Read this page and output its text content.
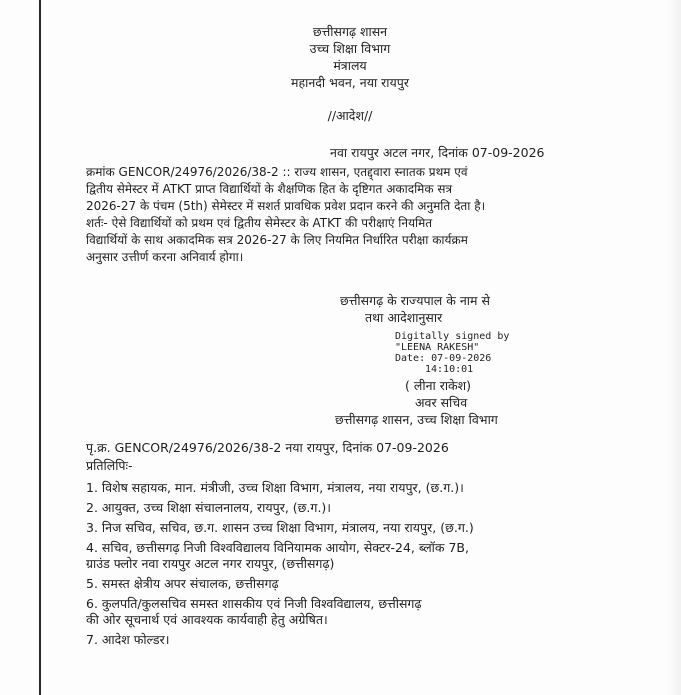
छत्तीसगढ़ शासन
उच्च शिक्षा विभाग
मंत्रालय
महानदी भवन, नया रायपुर
//आदेश//
नवा रायपुर अटल नगर, दिनांक 07-09-2026
क्रमांक GENCOR/24976/2026/38-2 :: राज्य शासन, एतद्द्वारा स्नातक प्रथम एवं
द्वितीय सेमेस्टर में ATKT प्राप्त विद्यार्थियों के शैक्षणिक हित के दृष्टिगत अकादमिक सत्र
2026-27 के पंचम (5th) सेमेस्टर में सशर्त प्रावधिक प्रवेश प्रदान करने की अनुमति देता है।
शर्तः- ऐसे विद्यार्थियों को प्रथम एवं द्वितीय सेमेस्टर के ATKT की परीक्षाएं नियमित
विद्यार्थियों के साथ अकादमिक सत्र 2026-27 के लिए नियमित निर्धारित परीक्षा कार्यक्रम
अनुसार उत्तीर्ण करना अनिवार्य होगा।
छत्तीसगढ़ के राज्यपाल के नाम से
तथा आदेशानुसार
Digitally signed by
"LEENA RAKESH"
Date: 07-09-2026
14:10:01
( लीना राकेश)
अवर सचिव
छत्तीसगढ़ शासन, उच्च शिक्षा विभाग
पृ.क्र. GENCOR/24976/2026/38-2 नया रायपुर, दिनांक 07-09-2026
प्रतिलिपिः-
1. विशेष सहायक, मान. मंत्रीजी, उच्च शिक्षा विभाग, मंत्रालय, नया रायपुर, (छ.ग.)।
2. आयुक्त, उच्च शिक्षा संचालनालय, रायपुर, (छ.ग.)।
3. निज सचिव, सचिव, छ.ग. शासन उच्च शिक्षा विभाग, मंत्रालय, नया रायपुर, (छ.ग.)
4. सचिव, छत्तीसगढ़ निजी विश्वविद्यालय विनियामक आयोग, सेक्टर-24, ब्लॉक 7B,
ग्राउंड फ्लोर नवा रायपुर अटल नगर रायपुर, (छत्तीसगढ़)
5. समस्त क्षेत्रीय अपर संचालक, छत्तीसगढ़
6. कुलपति/कुलसचिव समस्त शासकीय एवं निजी विश्वविद्यालय, छत्तीसगढ़
की ओर सूचनार्थ एवं आवश्यक कार्यवाही हेतु अग्रेषित।
7. आदेश फोल्डर।
